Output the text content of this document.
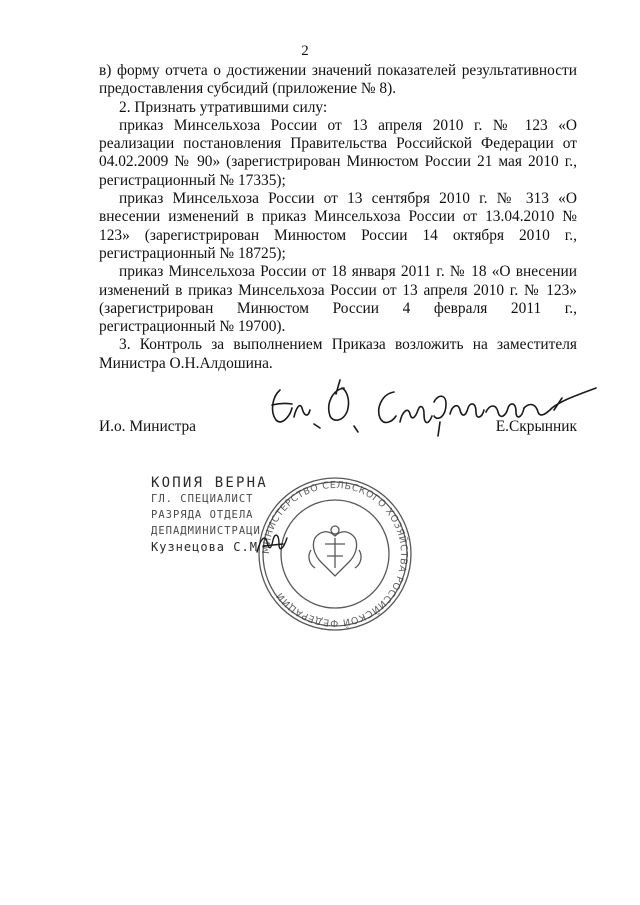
2

в) форму отчета о достижении значений показателей результативности предоставления субсидий (приложение № 8).

2. Признать утратившими силу:

приказ Минсельхоза России от 13 апреля 2010 г. № 123 «О реализации постановления Правительства Российской Федерации от 04.02.2009 № 90» (зарегистрирован Минюстом России 21 мая 2010 г., регистрационный № 17335);

приказ Минсельхоза России от 13 сентября 2010 г. № 313 «О внесении изменений в приказ Минсельхоза России от 13.04.2010 № 123» (зарегистрирован Минюстом России 14 октября 2010 г., регистрационный № 18725);

приказ Минсельхоза России от 18 января 2011 г. № 18 «О внесении изменений в приказ Минсельхоза России от 13 апреля 2010 г. № 123» (зарегистрирован Минюстом России 4 февраля 2011 г., регистрационный № 19700).

3. Контроль за выполнением Приказа возложить на заместителя Министра О.Н.Алдошина.

И.о. Министра	Е.Скрынник
МИНИСТЕРСТВО СЕЛЬСКОГО ХОЗЯЙСТВА РОССИЙСКОЙ ФЕДЕРАЦИИ
КОПИЯ ВЕРНА
ГЛ. СПЕЦИАЛИСТ
РАЗРЯДА ОТДЕЛА
ДЕПАДМИНИСТРАЦИ
Кузнецова С.М
